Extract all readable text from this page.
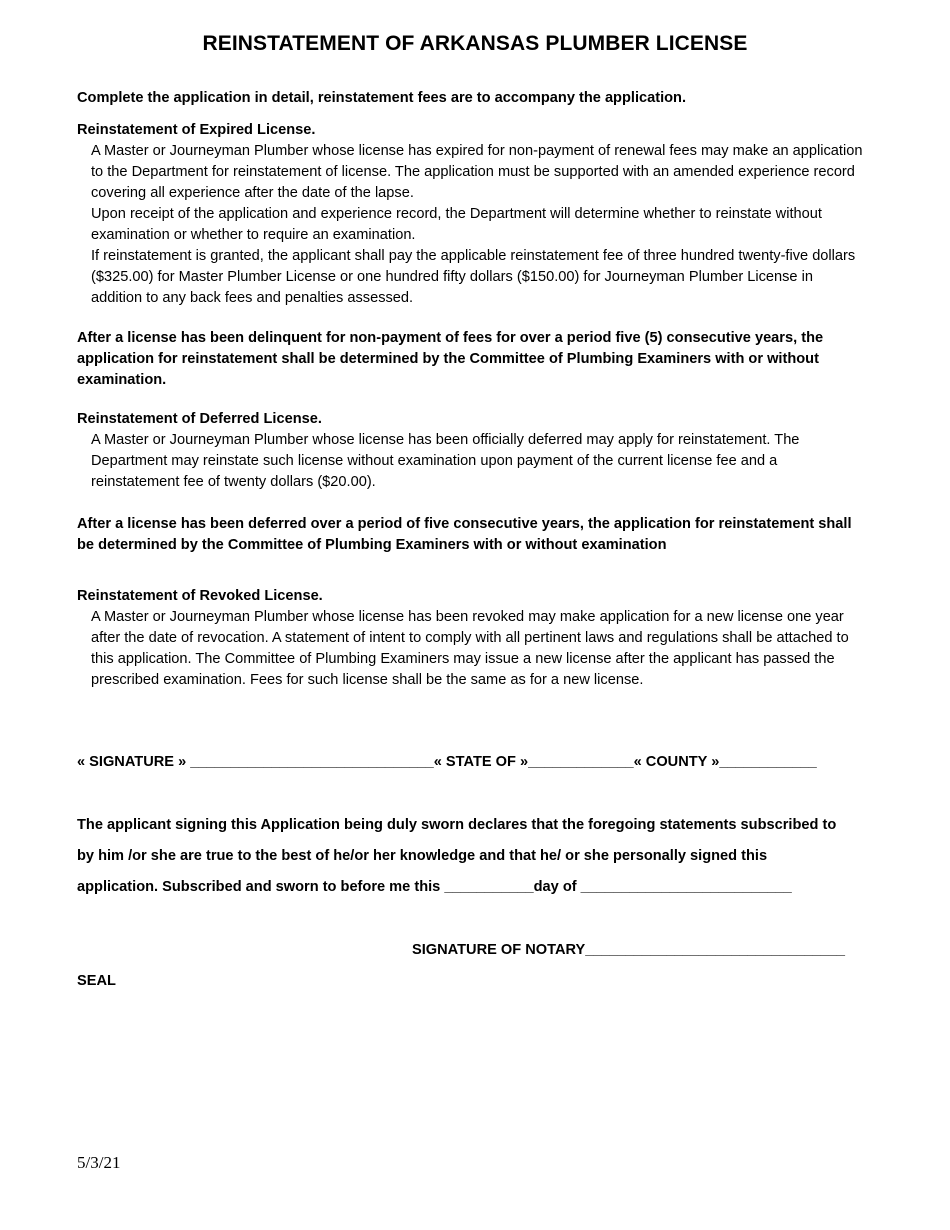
REINSTATEMENT OF ARKANSAS PLUMBER LICENSE
Complete the application in detail, reinstatement fees are to accompany the application.

Reinstatement of Expired License.

A Master or Journeyman Plumber whose license has expired for non-payment of renewal fees may make an application to the Department for reinstatement of license. The application must be supported with an amended experience record covering all experience after the date of the lapse.

Upon receipt of the application and experience record, the Department will determine whether to reinstate without examination or whether to require an examination.

If reinstatement is granted, the applicant shall pay the applicable reinstatement fee of three hundred twenty-five dollars ($325.00) for Master Plumber License or one hundred fifty dollars ($150.00) for Journeyman Plumber License in addition to any back fees and penalties assessed.

After a license has been delinquent for non-payment of fees for over a period five (5) consecutive years, the application for reinstatement shall be determined by the Committee of Plumbing Examiners with or without examination.

Reinstatement of Deferred License.

A Master or Journeyman Plumber whose license has been officially deferred may apply for reinstatement. The Department may reinstate such license without examination upon payment of the current license fee and a reinstatement fee of twenty dollars ($20.00).

After a license has been deferred over a period of five consecutive years, the application for reinstatement shall be determined by the Committee of Plumbing Examiners with or without examination

Reinstatement of Revoked License.

A Master or Journeyman Plumber whose license has been revoked may make application for a new license one year after the date of revocation. A statement of intent to comply with all pertinent laws and regulations shall be attached to this application. The Committee of Plumbing Examiners may issue a new license after the applicant has passed the prescribed examination. Fees for such license shall be the same as for a new license.

« SIGNATURE » ______________________________« STATE OF »_____________« COUNTY »____________

The applicant signing this Application being duly sworn declares that the foregoing statements subscribed to

by him /or she are true to the best of he/or her knowledge and that he/ or she personally signed this

application. Subscribed and sworn to before me this ___________day of __________________________

SIGNATURE OF NOTARY________________________________
SEAL
5/3/21
